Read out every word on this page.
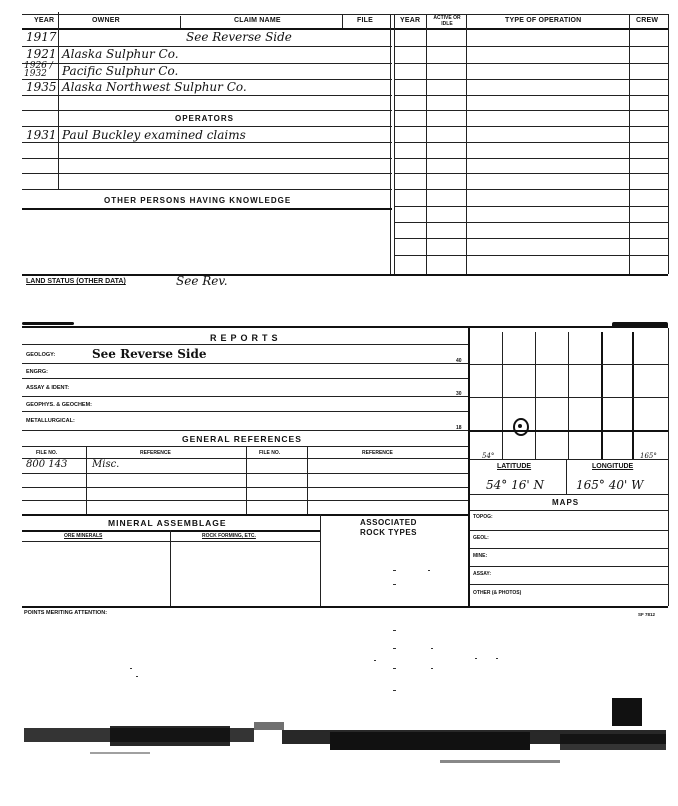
YEAR	OWNER	CLAIM NAME	FILE	YEAR	ACTIVE OR IDLE	TYPE OF OPERATION	CREW
1917	See Reverse Side
1921 Alaska Sulphur Co.
1926 / 1932	Pacific Sulphur Co.
1935 Alaska Northwest Sulphur Co.
OPERATORS
1931 Paul Buckley examined claims
OTHER PERSONS HAVING KNOWLEDGE
LAND STATUS (OTHER DATA)	See Rev.
REPORTS
GEOLOGY:	See Reverse Side	40
ENGRG:
ASSAY & IDENT:
30
GEOPHYS. & GEOCHEM:
METALLURGICAL:
18
54°	165°
LATITUDE	LONGITUDE
54° 16' N	165° 40' W
MAPS
TOPOG:
GEOL:
MINE:
ASSAY:
OTHER (& PHOTOS)
GENERAL REFERENCES
FILE NO.	REFERENCE	FILE NO.	REFERENCE
800 143 Misc.
MINERAL ASSEMBLAGE
ORE MINERALS	ROCK FORMING, ETC.
ASSOCIATED
ROCK TYPES
POINTS MERITING ATTENTION:	SF 7812
